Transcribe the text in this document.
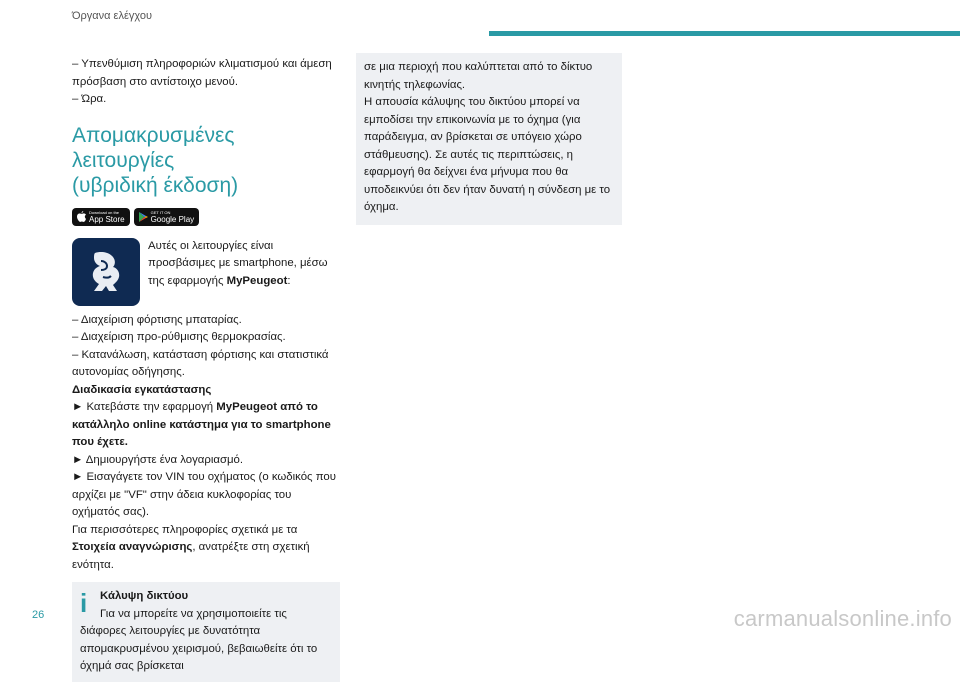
Όργανα ελέγχου

– Υπενθύμιση πληροφοριών κλιματισμού και άμεση πρόσβαση στο αντίστοιχο μενού.

– Ώρα.

Απομακρυσμένες λειτουργίες
(υβριδική έκδοση)
Download on the
App Store
GET IT ON
Google Play
Αυτές οι λειτουργίες είναι προσβάσιμες με smartphone, μέσω της εφαρμογής MyPeugeot:

– Διαχείριση φόρτισης μπαταρίας.

– Διαχείριση προ-ρύθμισης θερμοκρασίας.

– Κατανάλωση, κατάσταση φόρτισης και στατιστικά αυτονομίας οδήγησης.

Διαδικασία εγκατάστασης

► Κατεβάστε την εφαρμογή MyPeugeot από το κατάλληλο online κατάστημα για το smartphone που έχετε.

► Δημιουργήστε ένα λογαριασμό.

► Εισαγάγετε τον VIN του οχήματος (ο κωδικός που αρχίζει με "VF" στην άδεια κυκλοφορίας του οχήματός σας).

Για περισσότερες πληροφορίες σχετικά με τα Στοιχεία αναγνώρισης, ανατρέξτε στη σχετική ενότητα.

i	Κάλυψη δικτύου

Για να μπορείτε να χρησιμοποιείτε τις διάφορες λειτουργίες με δυνατότητα απομακρυσμένου χειρισμού, βεβαιωθείτε ότι το όχημά σας βρίσκεται

σε μια περιοχή που καλύπτεται από το δίκτυο κινητής τηλεφωνίας.

Η απουσία κάλυψης του δικτύου μπορεί να εμποδίσει την επικοινωνία με το όχημα (για παράδειγμα, αν βρίσκεται σε υπόγειο χώρο στάθμευσης). Σε αυτές τις περιπτώσεις, η εφαρμογή θα δείχνει ένα μήνυμα που θα υποδεικνύει ότι δεν ήταν δυνατή η σύνδεση με το όχημα.

26	carmanualsonline.info
